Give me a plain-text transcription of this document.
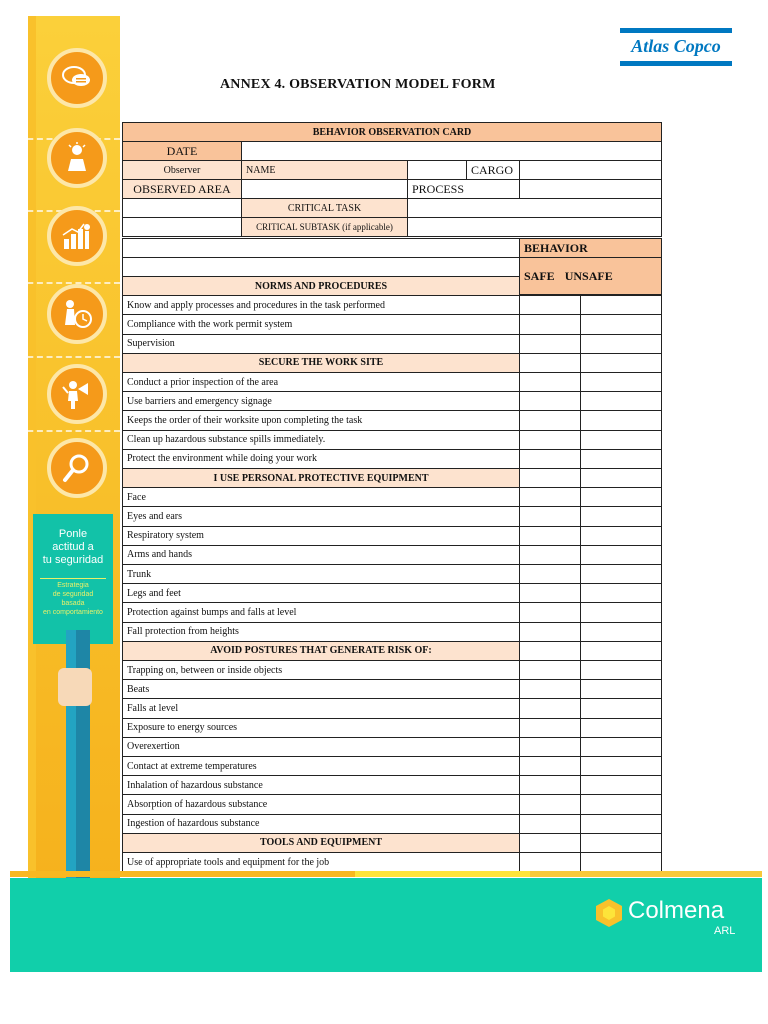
Ponle
actitud a
tu seguridad
Estrategia
de seguridad
basada
en comportamiento
Atlas Copco
ANNEX 4. OBSERVATION MODEL FORM
BEHAVIOR OBSERVATION CARD
DATE
Observer	NAME	CARGO
OBSERVED AREA	PROCESS
CRITICAL TASK
CRITICAL SUBTASK (if applicable)
BEHAVIOR
SAFE UNSAFE
NORMS AND PROCEDURES
Know and apply processes and procedures in the task performed
Compliance with the work permit system
Supervision
SECURE THE WORK SITE
Conduct a prior inspection of the area
Use barriers and emergency signage
Keeps the order of their worksite upon completing the task
Clean up hazardous substance spills immediately.
Protect the environment while doing your work
I USE PERSONAL PROTECTIVE EQUIPMENT
Face
Eyes and ears
Respiratory system
Arms and hands
Trunk
Legs and feet
Protection against bumps and falls at level
Fall protection from heights
AVOID POSTURES THAT GENERATE RISK OF:
Trapping on, between or inside objects
Beats
Falls at level
Exposure to energy sources
Overexertion
Contact at extreme temperatures
Inhalation of hazardous substance
Absorption of hazardous substance
Ingestion of hazardous substance
TOOLS AND EQUIPMENT
Use of appropriate tools and equipment for the job
Colmena
ARL
